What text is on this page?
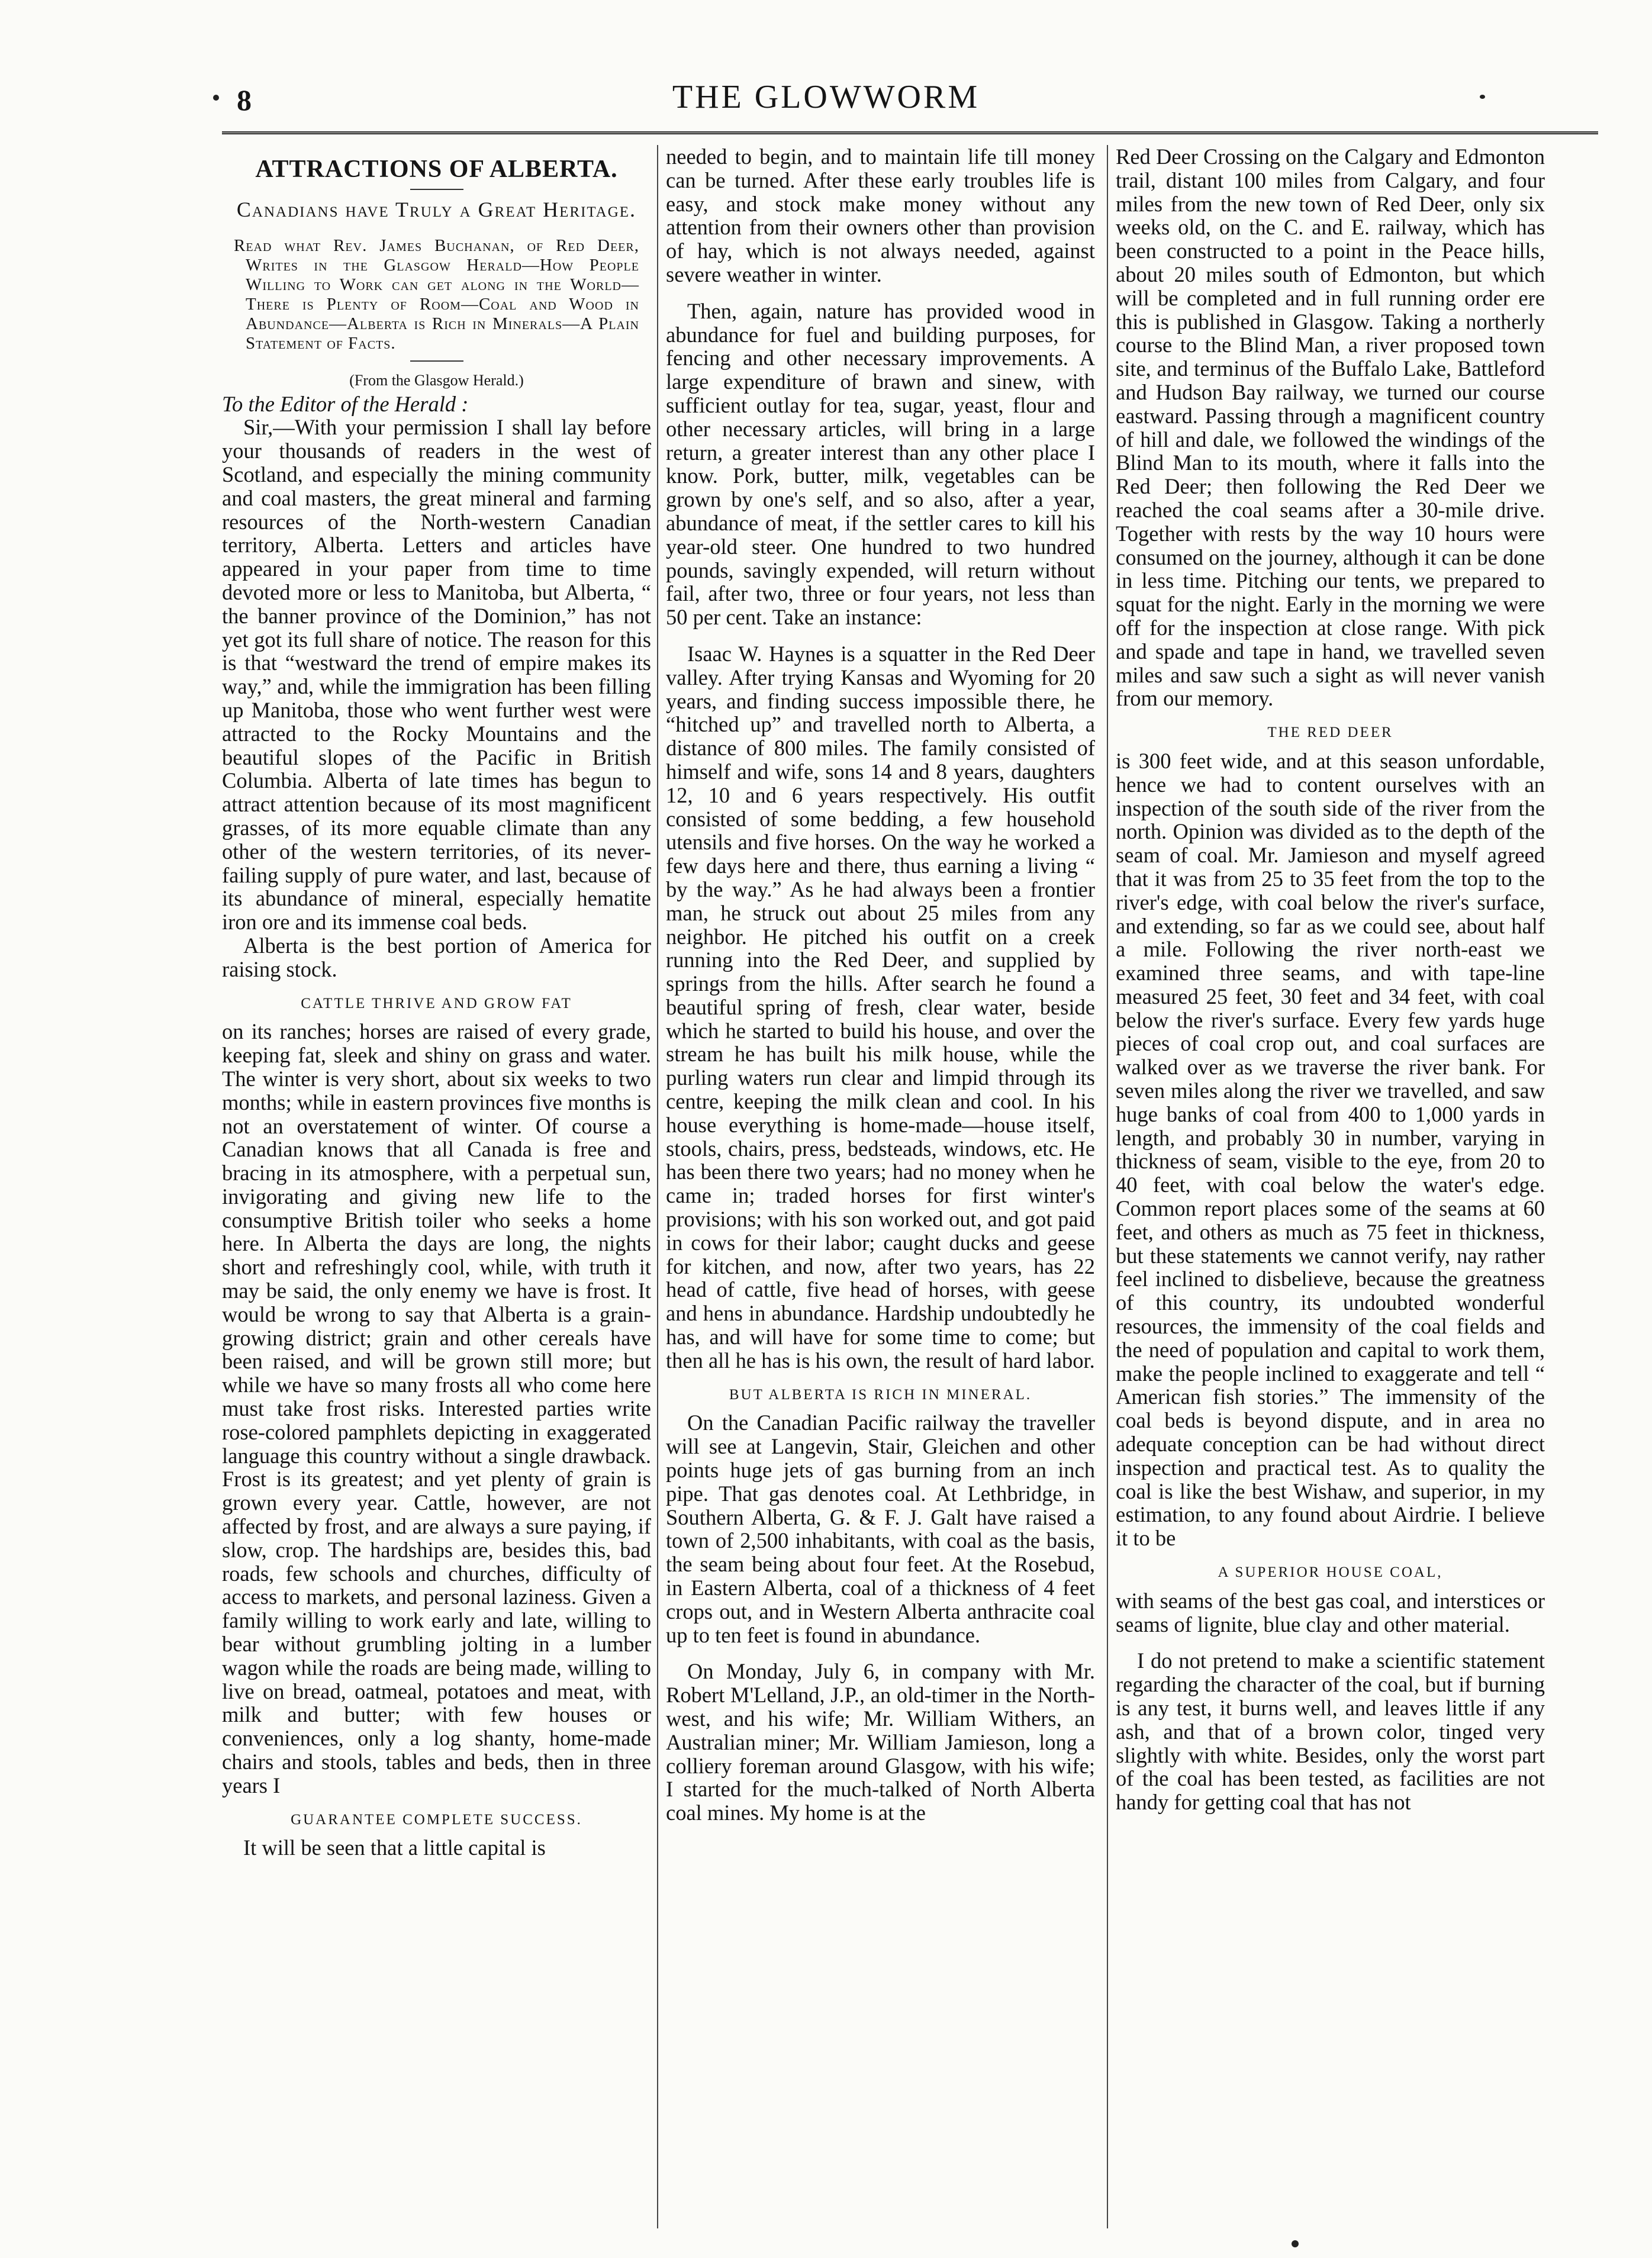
8	THE GLOWWORM
ATTRACTIONS OF ALBERTA.
Canadians have Truly a Great Heritage.
Read what Rev. James Buchanan, of Red Deer, Writes in the Glasgow Herald—How People Willing to Work can get along in the World—There is Plenty of Room—Coal and Wood in Abundance—Alberta is Rich in Minerals—A Plain Statement of Facts.
(From the Glasgow Herald.)

To the Editor of the Herald :

Sir,—With your permission I shall lay before your thousands of readers in the west of Scotland, and especially the mining community and coal masters, the great mineral and farming resources of the North-western Canadian territory, Alberta. Letters and articles have appeared in your paper from time to time devoted more or less to Manitoba, but Alberta, “ the banner province of the Dominion,” has not yet got its full share of notice. The reason for this is that “westward the trend of empire makes its way,” and, while the immigration has been filling up Manitoba, those who went further west were attracted to the Rocky Mountains and the beautiful slopes of the Pacific in British Columbia. Alberta of late times has begun to attract attention because of its most magnificent grasses, of its more equable climate than any other of the western territories, of its never-failing supply of pure water, and last, because of its abundance of mineral, especially hematite iron ore and its immense coal beds.

Alberta is the best portion of America for raising stock.

CATTLE THRIVE AND GROW FAT

on its ranches; horses are raised of every grade, keeping fat, sleek and shiny on grass and water. The winter is very short, about six weeks to two months; while in eastern provinces five months is not an overstatement of winter. Of course a Canadian knows that all Canada is free and bracing in its atmosphere, with a perpetual sun, invigorating and giving new life to the consumptive British toiler who seeks a home here. In Alberta the days are long, the nights short and refreshingly cool, while, with truth it may be said, the only enemy we have is frost. It would be wrong to say that Alberta is a grain-growing district; grain and other cereals have been raised, and will be grown still more; but while we have so many frosts all who come here must take frost risks. Interested parties write rose-colored pamphlets depicting in exaggerated language this country without a single drawback. Frost is its greatest; and yet plenty of grain is grown every year. Cattle, however, are not affected by frost, and are always a sure paying, if slow, crop. The hardships are, besides this, bad roads, few schools and churches, difficulty of access to markets, and personal laziness. Given a family willing to work early and late, willing to bear without grumbling jolting in a lumber wagon while the roads are being made, willing to live on bread, oatmeal, potatoes and meat, with milk and butter; with few houses or conveniences, only a log shanty, home-made chairs and stools, tables and beds, then in three years I

GUARANTEE COMPLETE SUCCESS.

It will be seen that a little capital is

needed to begin, and to maintain life till money can be turned. After these early troubles life is easy, and stock make money without any attention from their owners other than provision of hay, which is not always needed, against severe weather in winter.

Then, again, nature has provided wood in abundance for fuel and building purposes, for fencing and other necessary improvements. A large expenditure of brawn and sinew, with sufficient outlay for tea, sugar, yeast, flour and other necessary articles, will bring in a large return, a greater interest than any other place I know. Pork, butter, milk, vegetables can be grown by one's self, and so also, after a year, abundance of meat, if the settler cares to kill his year-old steer. One hundred to two hundred pounds, savingly expended, will return without fail, after two, three or four years, not less than 50 per cent. Take an instance:

Isaac W. Haynes is a squatter in the Red Deer valley. After trying Kansas and Wyoming for 20 years, and finding success impossible there, he “hitched up” and travelled north to Alberta, a distance of 800 miles. The family consisted of himself and wife, sons 14 and 8 years, daughters 12, 10 and 6 years respectively. His outfit consisted of some bedding, a few household utensils and five horses. On the way he worked a few days here and there, thus earning a living “ by the way.” As he had always been a frontier man, he struck out about 25 miles from any neighbor. He pitched his outfit on a creek running into the Red Deer, and supplied by springs from the hills. After search he found a beautiful spring of fresh, clear water, beside which he started to build his house, and over the stream he has built his milk house, while the purling waters run clear and limpid through its centre, keeping the milk clean and cool. In his house everything is home-made—house itself, stools, chairs, press, bedsteads, windows, etc. He has been there two years; had no money when he came in; traded horses for first winter's provisions; with his son worked out, and got paid in cows for their labor; caught ducks and geese for kitchen, and now, after two years, has 22 head of cattle, five head of horses, with geese and hens in abundance. Hardship undoubtedly he has, and will have for some time to come; but then all he has is his own, the result of hard labor.

BUT ALBERTA IS RICH IN MINERAL.

On the Canadian Pacific railway the traveller will see at Langevin, Stair, Gleichen and other points huge jets of gas burning from an inch pipe. That gas denotes coal. At Lethbridge, in Southern Alberta, G. & F. J. Galt have raised a town of 2,500 inhabitants, with coal as the basis, the seam being about four feet. At the Rosebud, in Eastern Alberta, coal of a thickness of 4 feet crops out, and in Western Alberta anthracite coal up to ten feet is found in abundance.

On Monday, July 6, in company with Mr. Robert M'Lelland, J.P., an old-timer in the North-west, and his wife; Mr. William Withers, an Australian miner; Mr. William Jamieson, long a colliery foreman around Glasgow, with his wife; I started for the much-talked of North Alberta coal mines. My home is at the

Red Deer Crossing on the Calgary and Edmonton trail, distant 100 miles from Calgary, and four miles from the new town of Red Deer, only six weeks old, on the C. and E. railway, which has been constructed to a point in the Peace hills, about 20 miles south of Edmonton, but which will be completed and in full running order ere this is published in Glasgow. Taking a northerly course to the Blind Man, a river proposed town site, and terminus of the Buffalo Lake, Battleford and Hudson Bay railway, we turned our course eastward. Passing through a magnificent country of hill and dale, we followed the windings of the Blind Man to its mouth, where it falls into the Red Deer; then following the Red Deer we reached the coal seams after a 30-mile drive. Together with rests by the way 10 hours were consumed on the journey, although it can be done in less time. Pitching our tents, we prepared to squat for the night. Early in the morning we were off for the inspection at close range. With pick and spade and tape in hand, we travelled seven miles and saw such a sight as will never vanish from our memory.

THE RED DEER

is 300 feet wide, and at this season unfordable, hence we had to content ourselves with an inspection of the south side of the river from the north. Opinion was divided as to the depth of the seam of coal. Mr. Jamieson and myself agreed that it was from 25 to 35 feet from the top to the river's edge, with coal below the river's surface, and extending, so far as we could see, about half a mile. Following the river north-east we examined three seams, and with tape-line measured 25 feet, 30 feet and 34 feet, with coal below the river's surface. Every few yards huge pieces of coal crop out, and coal surfaces are walked over as we traverse the river bank. For seven miles along the river we travelled, and saw huge banks of coal from 400 to 1,000 yards in length, and probably 30 in number, varying in thickness of seam, visible to the eye, from 20 to 40 feet, with coal below the water's edge. Common report places some of the seams at 60 feet, and others as much as 75 feet in thickness, but these statements we cannot verify, nay rather feel inclined to disbelieve, because the greatness of this country, its undoubted wonderful resources, the immensity of the coal fields and the need of population and capital to work them, make the people inclined to exaggerate and tell “ American fish stories.” The immensity of the coal beds is beyond dispute, and in area no adequate conception can be had without direct inspection and practical test. As to quality the coal is like the best Wishaw, and superior, in my estimation, to any found about Airdrie. I believe it to be

A SUPERIOR HOUSE COAL,

with seams of the best gas coal, and interstices or seams of lignite, blue clay and other material.

I do not pretend to make a scientific statement regarding the character of the coal, but if burning is any test, it burns well, and leaves little if any ash, and that of a brown color, tinged very slightly with white. Besides, only the worst part of the coal has been tested, as facilities are not handy for getting coal that has not
